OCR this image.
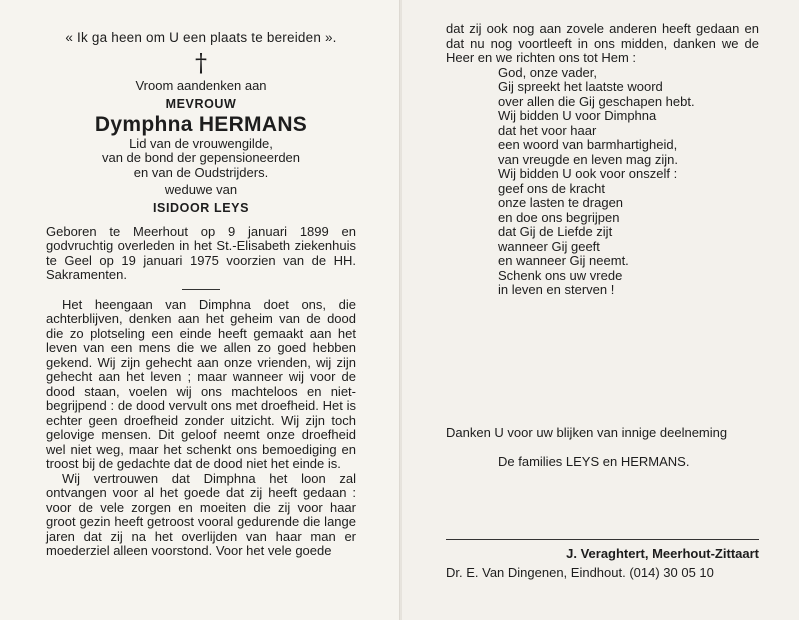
« Ik ga heen om U een plaats te bereiden ».
†
Vroom aandenken aan
MEVROUW
Dymphna HERMANS
Lid van de vrouwengilde,
van de bond der gepensioneerden
en van de Oudstrijders.
weduwe van
ISIDOOR LEYS

Geboren te Meerhout op 9 januari 1899 en godvruchtig overleden in het St.-Elisabeth ziekenhuis te Geel op 19 januari 1975 voorzien van de HH. Sakramenten.

Het heengaan van Dimphna doet ons, die achterblijven, denken aan het geheim van de dood die zo plotseling een einde heeft gemaakt aan het leven van een mens die we allen zo goed hebben gekend. Wij zijn gehecht aan onze vrienden, wij zijn gehecht aan het leven ; maar wanneer wij voor de dood staan, voelen wij ons machteloos en niet-begrijpend : de dood vervult ons met droefheid. Het is echter geen droefheid zonder uitzicht. Wij zijn toch gelovige mensen. Dit geloof neemt onze droefheid wel niet weg, maar het schenkt ons bemoediging en troost bij de gedachte dat de dood niet het einde is.

Wij vertrouwen dat Dimphna het loon zal ontvangen voor al het goede dat zij heeft gedaan : voor de vele zorgen en moeiten die zij voor haar groot gezin heeft getroost vooral gedurende die lange jaren dat zij na het overlijden van haar man er moederziel alleen voorstond. Voor het vele goede

dat zij ook nog aan zovele anderen heeft gedaan en dat nu nog voortleeft in ons midden, danken we de Heer en we richten ons tot Hem :

God, onze vader,
Gij spreekt het laatste woord
over allen die Gij geschapen hebt.
Wij bidden U voor Dimphna
dat het voor haar
een woord van barmhartigheid,
van vreugde en leven mag zijn.
Wij bidden U ook voor onszelf :
geef ons de kracht
onze lasten te dragen
en doe ons begrijpen
dat Gij de Liefde zijt
wanneer Gij geeft
en wanneer Gij neemt.
Schenk ons uw vrede
in leven en sterven !
Danken U voor uw blijken van innige deelneming
De families LEYS en HERMANS.
J. Veraghtert, Meerhout-Zittaart
Dr. E. Van Dingenen, Eindhout. (014) 30 05 10
